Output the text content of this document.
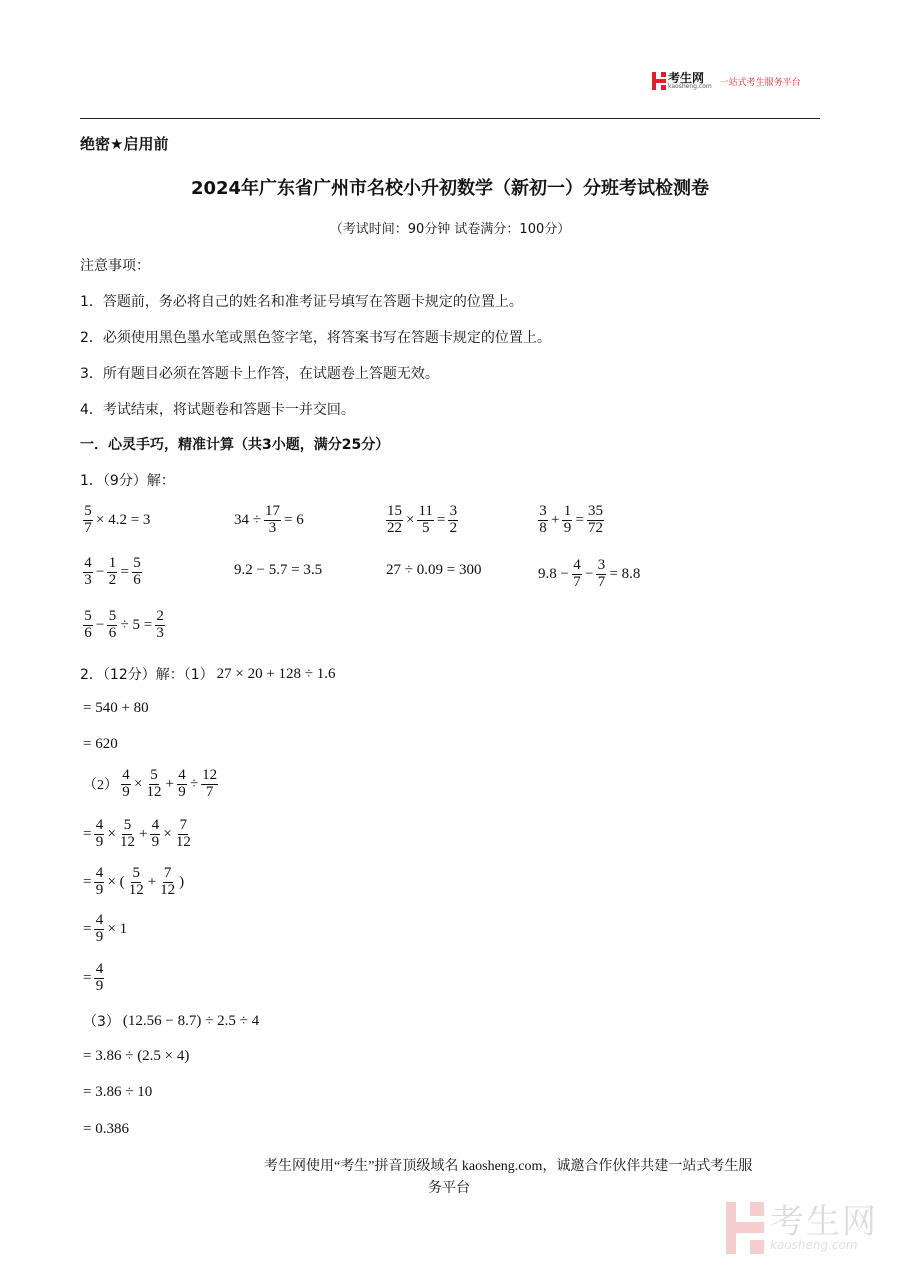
考生网
kaosheng.com 一站式考生服务平台
绝密★启用前
2024年广东省广州市名校小升初数学（新初一）分班考试检测卷
（考试时间：90分钟 试卷满分：100分）
注意事项：
1．答题前，务必将自己的姓名和准考证号填写在答题卡规定的位置上。
2．必须使用黑色墨水笔或黑色签字笔，将答案书写在答题卡规定的位置上。
3．所有题目必须在答题卡上作答，在试题卷上答题无效。
4．考试结束，将试题卷和答题卡一并交回。
一．心灵手巧，精准计算（共3小题，满分25分）
1．（9分）解：
$\frac{5}{7} \times 4.2 = 3$	$34 \div \frac{17}{3} = 6$	$\frac{15}{22} \times \frac{11}{5} = \frac{3}{2}$	$\frac{3}{8} + \frac{1}{9} = \frac{35}{72}$
$\frac{4}{3} - \frac{1}{2} = \frac{5}{6}$	9.2 − 5.7 = 3.5	27 ÷ 0.09 = 300	$9.8 - \frac{4}{7} - \frac{3}{7} = 8.8$
$\frac{5}{6} - \frac{5}{6} \div 5 = \frac{2}{3}$
2．（12分）解：（1） 27 × 20 + 128 ÷ 1.6
= 540 + 80
= 620
$(2) \frac{4}{9} \times \frac{5}{12} + \frac{4}{9} \div \frac{12}{7}$
= $\frac{4}{9} \times \frac{5}{12} + \frac{4}{9} \times \frac{7}{12}$
= $\frac{4}{9}$ × ( $\frac{5}{12} + \frac{7}{12}$ )
= $\frac{4}{9} \times 1$
= $\frac{4}{9}$
（3） (12.56 − 8.7) ÷ 2.5 ÷ 4
= 3.86 ÷ (2.5 × 4)
= 3.86 ÷ 10
= 0.386
考生网使用“考生”拼音顶级域名 kaosheng.com，诚邀合作伙伴共建一站式考生服
务平台
考生网
kaosheng.com
